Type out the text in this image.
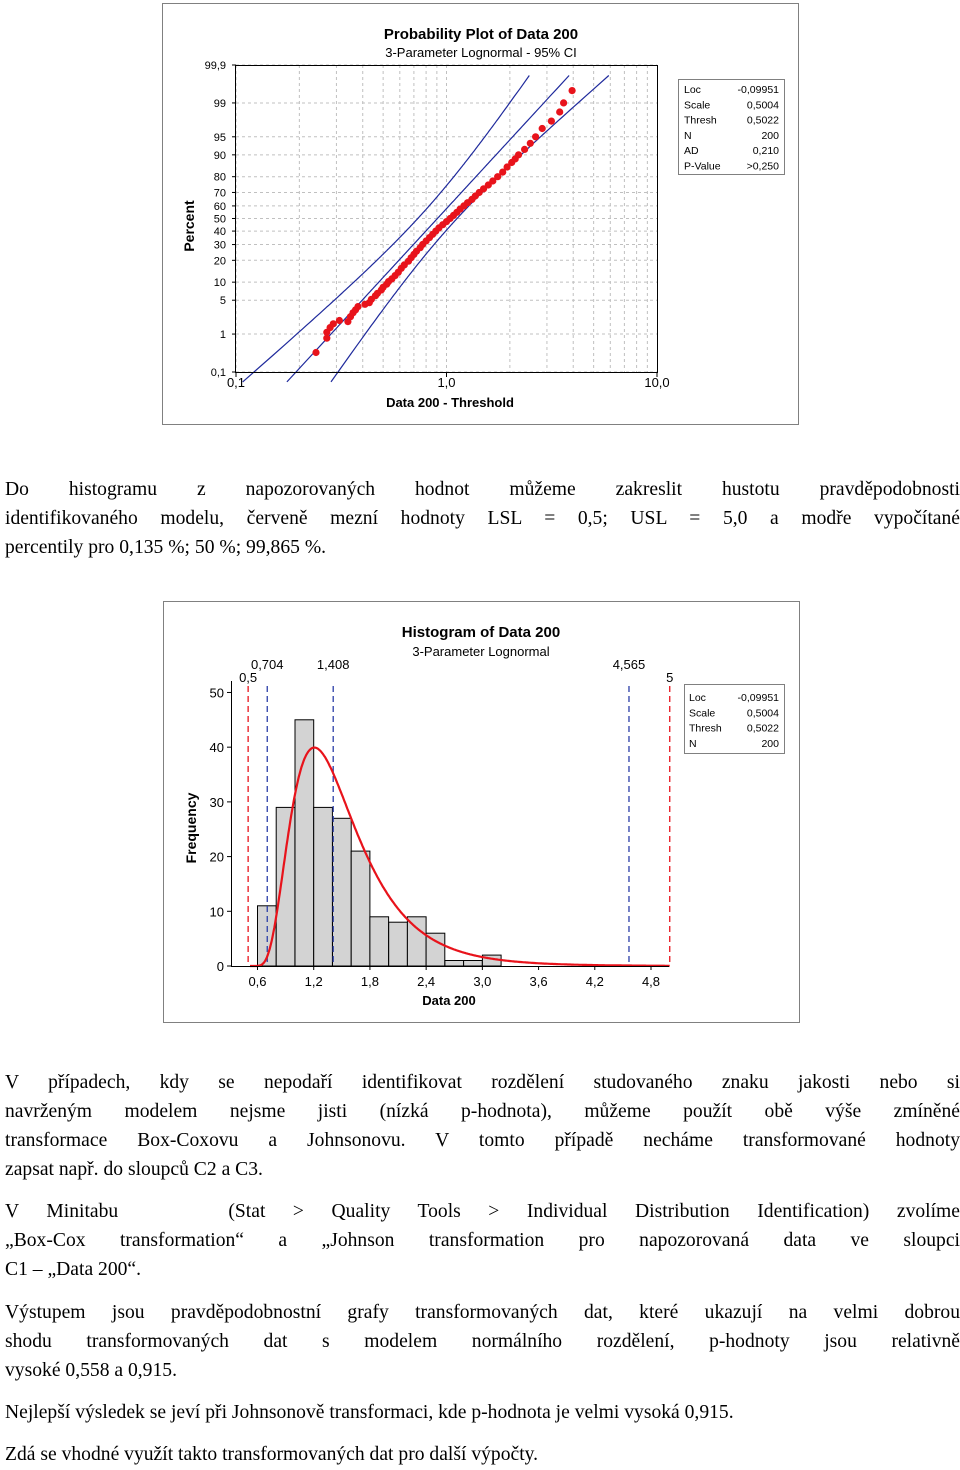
Probability Plot of Data 200
3-Parameter Lognormal - 95% CI
Percent
Data 200 - Threshold
99,9
99
95
90
80
70
60
50
40
30
20
10
5
1
0,1
0,1	1,0	10,0
Loc	-0,09951
Scale	0,5004
Thresh	0,5022
N	200
AD	0,210
P-Value >0,250
Do histogramu z napozorovaných hodnot můžeme zakreslit hustotu pravděpodobnosti
identifikovaného modelu, červeně mezní hodnoty LSL = 0,5; USL = 5,0 a modře vypočítané
percentily pro 0,135 %; 50 %; 99,865 %.
Histogram of Data 200
3-Parameter Lognormal
Frequency
Data 200
0,5
0,704	1,408	4,565
5
0
10
20
30
40
50
0,6	1,2	1,8	2,4	3,0	3,6	4,2	4,8
Loc	-0,09951
Scale	0,5004
Thresh 0,5022
N	200
V případech, kdy se nepodaří identifikovat rozdělení studovaného znaku jakosti nebo si
navrženým modelem nejsme jisti (nízká p-hodnota), můžeme použít obě výše zmíněné
transformace Box-Coxovu a Johnsonovu. V tomto případě necháme transformované hodnoty
zapsat např. do sloupců C2 a C3.
V Minitabu    (Stat > Quality Tools > Individual Distribution Identification) zvolíme
„Box-Cox transformation“ a „Johnson transformation pro napozorovaná data ve sloupci
C1 – „Data 200“.
Výstupem jsou pravděpodobnostní grafy transformovaných dat, které ukazují na velmi dobrou
shodu transformovaných dat s modelem normálního rozdělení, p-hodnoty jsou relativně
vysoké 0,558 a 0,915.
Nejlepší výsledek se jeví při Johnsonově transformaci, kde p-hodnota je velmi vysoká 0,915.
Zdá se vhodné využít takto transformovaných dat pro další výpočty.
